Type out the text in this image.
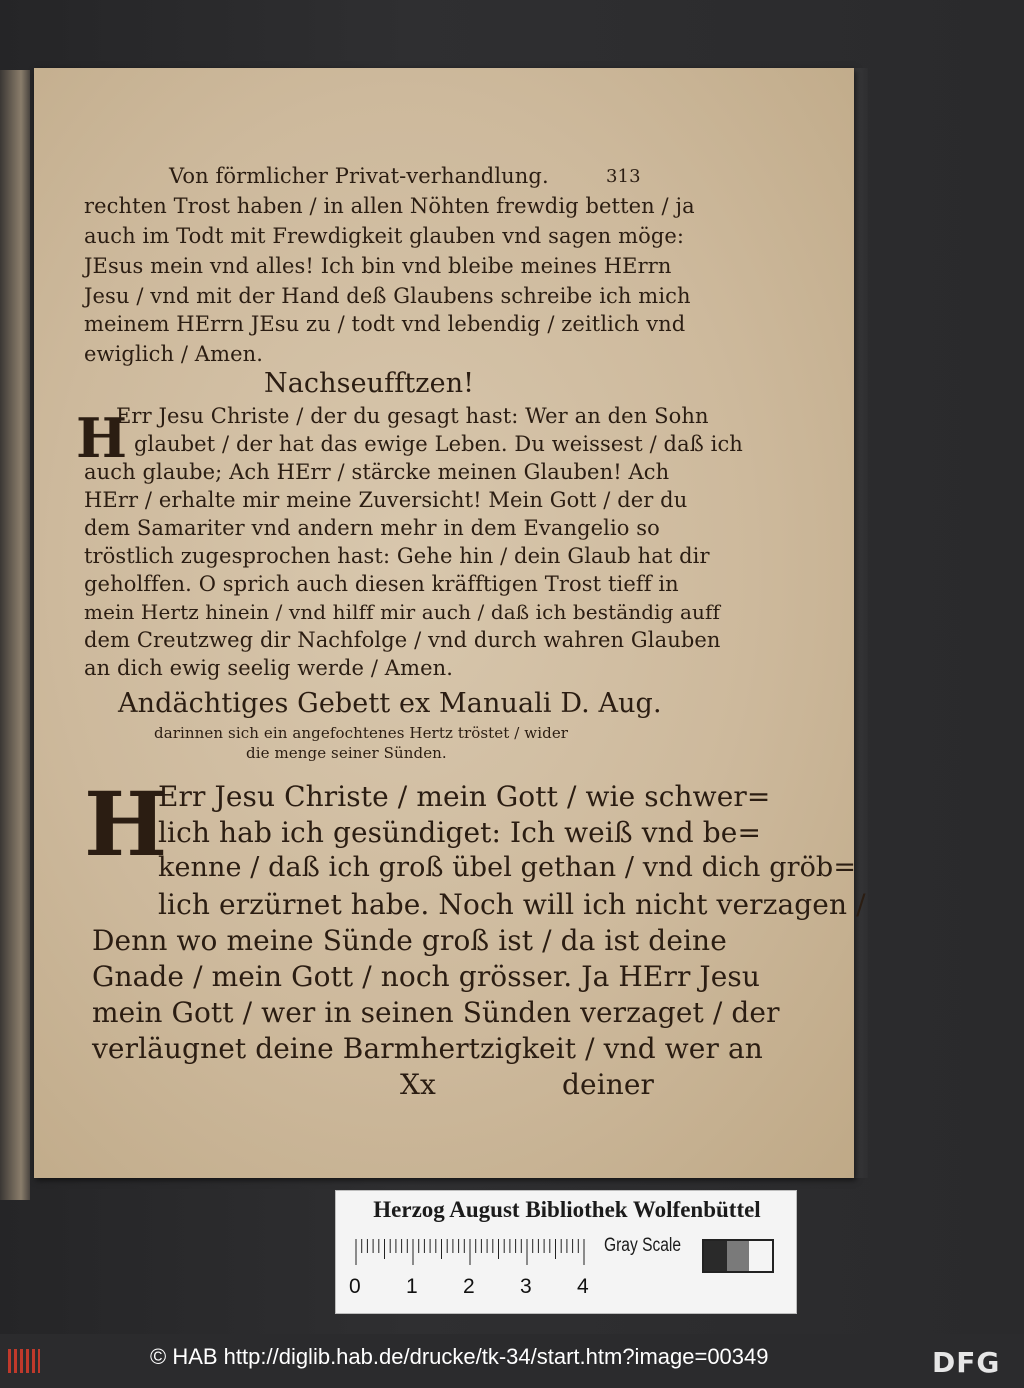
Von förmlicher Privat-verhandlung.	313
rechten Trost haben / in allen Nöhten frewdig betten / ja
auch im Todt mit Frewdigkeit glauben vnd sagen möge:
JEsus mein vnd alles! Ich bin vnd bleibe meines HErrn
Jesu / vnd mit der Hand deß Glaubens schreibe ich mich
meinem HErrn JEsu zu / todt vnd lebendig / zeitlich vnd
ewiglich / Amen.
Nachseufftzen!
H
Err Jesu Christe / der du gesagt hast: Wer an den Sohn
glaubet / der hat das ewige Leben. Du weissest / daß ich
auch glaube; Ach HErr / stärcke meinen Glauben! Ach
HErr / erhalte mir meine Zuversicht! Mein Gott / der du
dem Samariter vnd andern mehr in dem Evangelio so
tröstlich zugesprochen hast: Gehe hin / dein Glaub hat dir
geholffen. O sprich auch diesen kräfftigen Trost tieff in
mein Hertz hinein / vnd hilff mir auch / daß ich beständig auff
dem Creutzweg dir Nachfolge / vnd durch wahren Glauben
an dich ewig seelig werde / Amen.
Andächtiges Gebett ex Manuali D. Aug.
darinnen sich ein angefochtenes Hertz tröstet / wider
die menge seiner Sünden.
H
Err Jesu Christe / mein Gott / wie schwer=
lich hab ich gesündiget: Ich weiß vnd be=
kenne / daß ich groß übel gethan / vnd dich gröb=
lich erzürnet habe. Noch will ich nicht verzagen /
Denn wo meine Sünde groß ist / da ist deine
Gnade / mein Gott / noch grösser. Ja HErr Jesu
mein Gott / wer in seinen Sünden verzaget / der
verläugnet deine Barmhertzigkeit / vnd wer an
Xx	deiner
Herzog August Bibliothek Wolfenbüttel
Gray Scale
0 1 2 3 4
© HAB http://diglib.hab.de/drucke/tk-34/start.htm?image=00349	DFG
